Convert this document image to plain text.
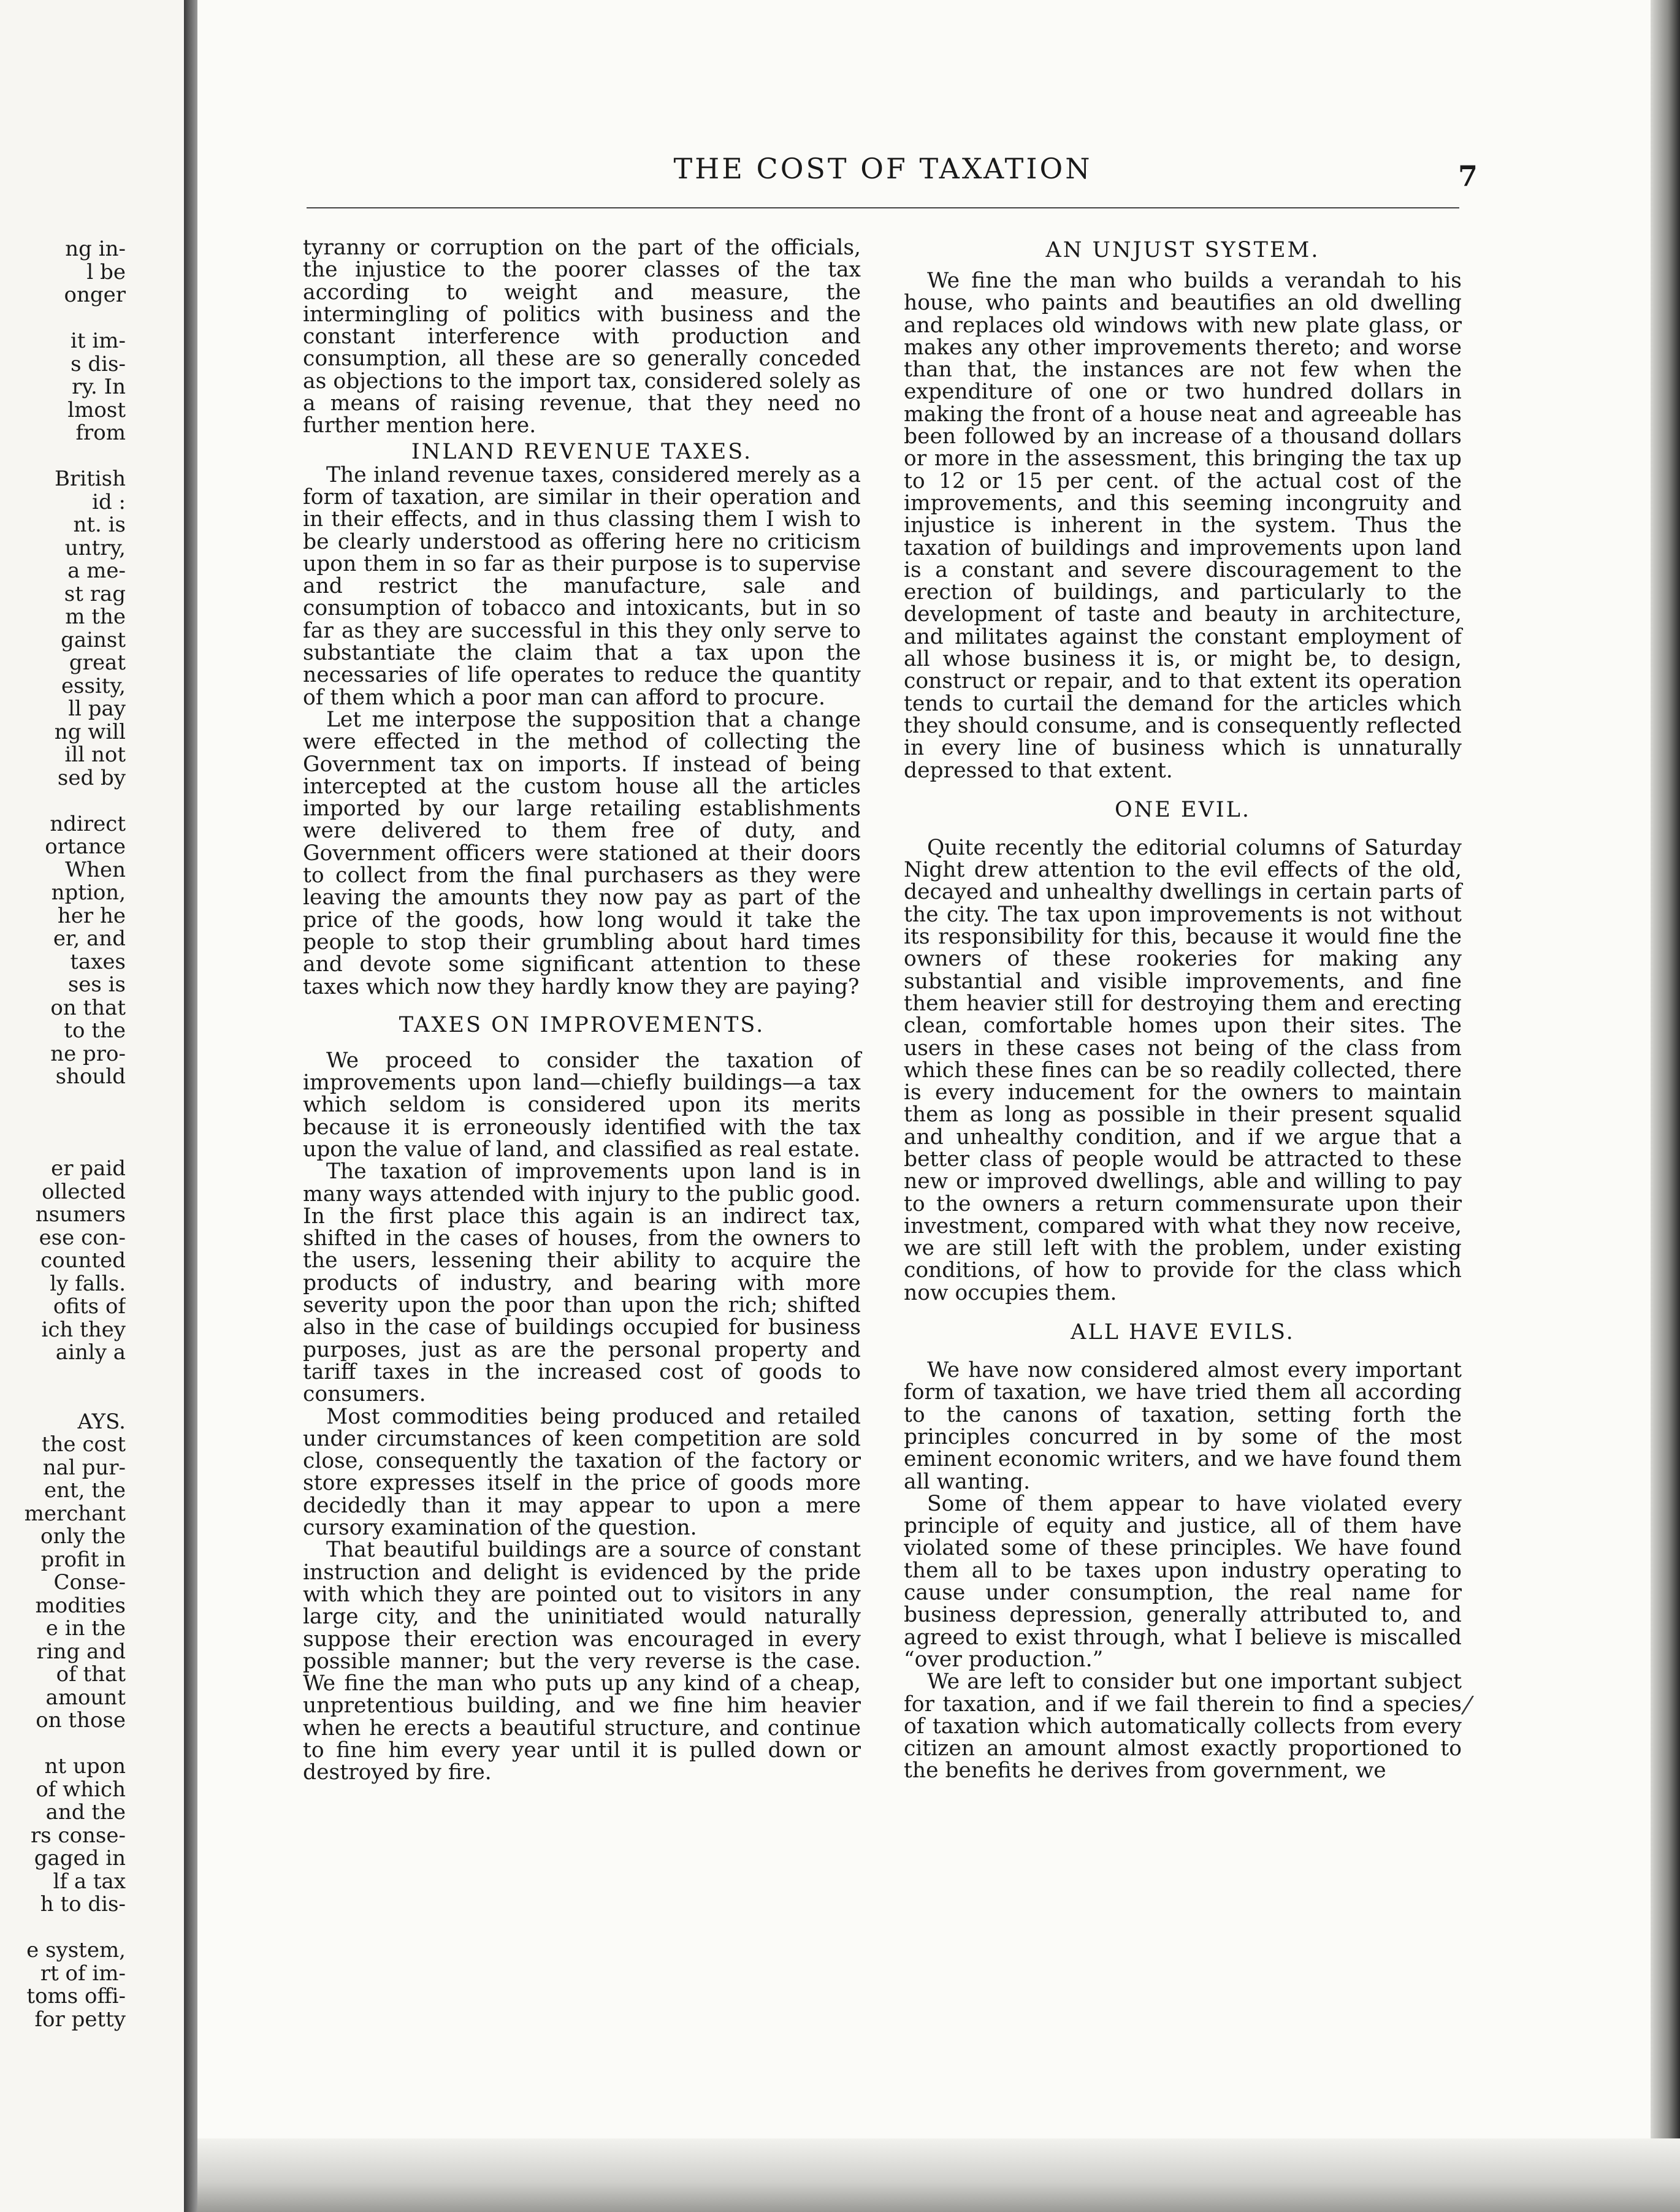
ng in-
l be
onger

it im-
s dis-
ry. In
lmost
from

British
id :
nt. is
untry,
a me-
st rag
m the
gainst
great
essity,
ll pay
ng will
ill not
sed by

ndirect
ortance
When
nption,
her he
er, and
taxes
ses is
on that
to the
ne pro-
should

er paid
ollected
nsumers
ese con-
counted
ly falls.
ofits of
ich they
ainly a

AYS.
the cost
nal pur-
ent, the
merchant
only the
profit in
Conse-
modities
e in the
ring and
of that
amount
on those

nt upon
of which
and the
rs conse-
gaged in
lf a tax
h to dis-

e system,
rt of im-
toms offi-
for petty
THE COST OF TAXATION	7

tyranny or corruption on the part of the officials, the injustice to the poorer classes of the tax according to weight and measure, the intermingling of politics with business and the constant interference with production and consumption, all these are so generally conceded as objections to the import tax, considered solely as a means of raising revenue, that they need no further mention here.

INLAND REVENUE TAXES.

The inland revenue taxes, considered merely as a form of taxation, are similar in their operation and in their effects, and in thus classing them I wish to be clearly understood as offering here no criticism upon them in so far as their purpose is to supervise and restrict the manufacture, sale and consumption of tobacco and intoxicants, but in so far as they are successful in this they only serve to substantiate the claim that a tax upon the necessaries of life operates to reduce the quantity of them which a poor man can afford to procure.

Let me interpose the supposition that a change were effected in the method of collecting the Government tax on imports. If instead of being intercepted at the custom house all the articles imported by our large retailing establishments were delivered to them free of duty, and Government officers were stationed at their doors to collect from the final purchasers as they were leaving the amounts they now pay as part of the price of the goods, how long would it take the people to stop their grumbling about hard times and devote some significant attention to these taxes which now they hardly know they are paying?

TAXES ON IMPROVEMENTS.

We proceed to consider the taxation of improvements upon land—chiefly buildings—a tax which seldom is considered upon its merits because it is erroneously identified with the tax upon the value of land, and classified as real estate.

The taxation of improvements upon land is in many ways attended with injury to the public good. In the first place this again is an indirect tax, shifted in the cases of houses, from the owners to the users, lessening their ability to acquire the products of industry, and bearing with more severity upon the poor than upon the rich; shifted also in the case of buildings occupied for business purposes, just as are the personal property and tariff taxes in the increased cost of goods to consumers.

Most commodities being produced and retailed under circumstances of keen competition are sold close, consequently the taxation of the factory or store expresses itself in the price of goods more decidedly than it may appear to upon a mere cursory examination of the question.

That beautiful buildings are a source of constant instruction and delight is evidenced by the pride with which they are pointed out to visitors in any large city, and the uninitiated would naturally suppose their erection was encouraged in every possible manner; but the very reverse is the case. We fine the man who puts up any kind of a cheap, unpretentious building, and we fine him heavier when he erects a beautiful structure, and continue to fine him every year until it is pulled down or destroyed by fire.

AN UNJUST SYSTEM.

We fine the man who builds a verandah to his house, who paints and beautifies an old dwelling and replaces old windows with new plate glass, or makes any other improvements thereto; and worse than that, the instances are not few when the expenditure of one or two hundred dollars in making the front of a house neat and agreeable has been followed by an increase of a thousand dollars or more in the assessment, this bringing the tax up to 12 or 15 per cent. of the actual cost of the improvements, and this seeming incongruity and injustice is inherent in the system. Thus the taxation of buildings and improvements upon land is a constant and severe discouragement to the erection of buildings, and particularly to the development of taste and beauty in architecture, and militates against the constant employment of all whose business it is, or might be, to design, construct or repair, and to that extent its operation tends to curtail the demand for the articles which they should consume, and is consequently reflected in every line of business which is unnaturally depressed to that extent.

ONE EVIL.

Quite recently the editorial columns of Saturday Night drew attention to the evil effects of the old, decayed and unhealthy dwellings in certain parts of the city. The tax upon improvements is not without its responsibility for this, because it would fine the owners of these rookeries for making any substantial and visible improvements, and fine them heavier still for destroying them and erecting clean, comfortable homes upon their sites. The users in these cases not being of the class from which these fines can be so readily collected, there is every inducement for the owners to maintain them as long as possible in their present squalid and unhealthy condition, and if we argue that a better class of people would be attracted to these new or improved dwellings, able and willing to pay to the owners a return commensurate upon their investment, compared with what they now receive, we are still left with the problem, under existing conditions, of how to provide for the class which now occupies them.

ALL HAVE EVILS.

We have now considered almost every important form of taxation, we have tried them all according to the canons of taxation, setting forth the principles concurred in by some of the most eminent economic writers, and we have found them all wanting.

Some of them appear to have violated every principle of equity and justice, all of them have violated some of these principles. We have found them all to be taxes upon industry operating to cause under consumption, the real name for business depression, generally attributed to, and agreed to exist through, what I believe is miscalled “over production.”

We are left to consider but one important subject for taxation, and if we fail therein to find a species of taxation which automatically collects from every citizen an amount almost exactly proportioned to the benefits he derives from government, we

⁄
